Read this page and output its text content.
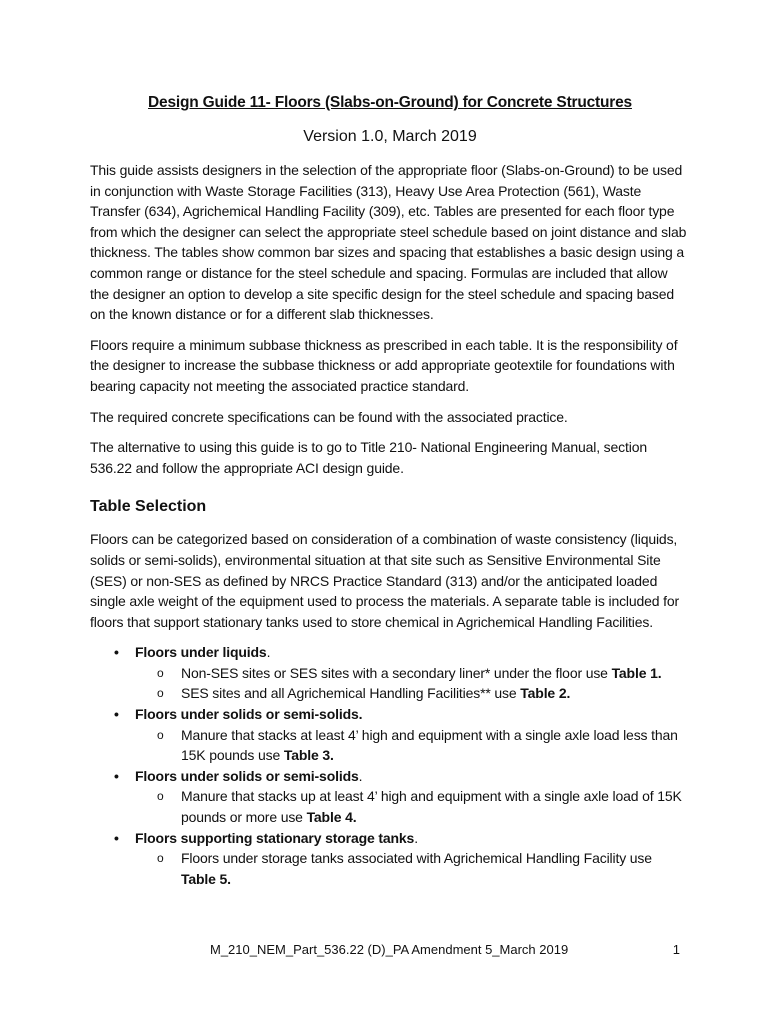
Design Guide 11- Floors (Slabs-on-Ground) for Concrete Structures
Version 1.0, March 2019

This guide assists designers in the selection of the appropriate floor (Slabs-on-Ground) to be used in conjunction with Waste Storage Facilities (313), Heavy Use Area Protection (561), Waste Transfer (634), Agrichemical Handling Facility (309), etc. Tables are presented for each floor type from which the designer can select the appropriate steel schedule based on joint distance and slab thickness. The tables show common bar sizes and spacing that establishes a basic design using a common range or distance for the steel schedule and spacing. Formulas are included that allow the designer an option to develop a site specific design for the steel schedule and spacing based on the known distance or for a different slab thicknesses.

Floors require a minimum subbase thickness as prescribed in each table. It is the responsibility of the designer to increase the subbase thickness or add appropriate geotextile for foundations with bearing capacity not meeting the associated practice standard.

The required concrete specifications can be found with the associated practice.

The alternative to using this guide is to go to Title 210- National Engineering Manual, section 536.22 and follow the appropriate ACI design guide.

Table Selection

Floors can be categorized based on consideration of a combination of waste consistency (liquids, solids or semi-solids), environmental situation at that site such as Sensitive Environmental Site (SES) or non-SES as defined by NRCS Practice Standard (313) and/or the anticipated loaded single axle weight of the equipment used to process the materials. A separate table is included for floors that support stationary tanks used to store chemical in Agrichemical Handling Facilities.

• Floors under liquids.
o Non-SES sites or SES sites with a secondary liner* under the floor use Table 1.
o SES sites and all Agrichemical Handling Facilities** use Table 2.
• Floors under solids or semi-solids.
o Manure that stacks at least 4’ high and equipment with a single axle load less than 15K pounds use Table 3.
• Floors under solids or semi-solids.
o Manure that stacks up at least 4’ high and equipment with a single axle load of 15K pounds or more use Table 4.
• Floors supporting stationary storage tanks.
o Floors under storage tanks associated with Agrichemical Handling Facility use Table 5.
M_210_NEM_Part_536.22 (D)_PA Amendment 5_March 2019	1
